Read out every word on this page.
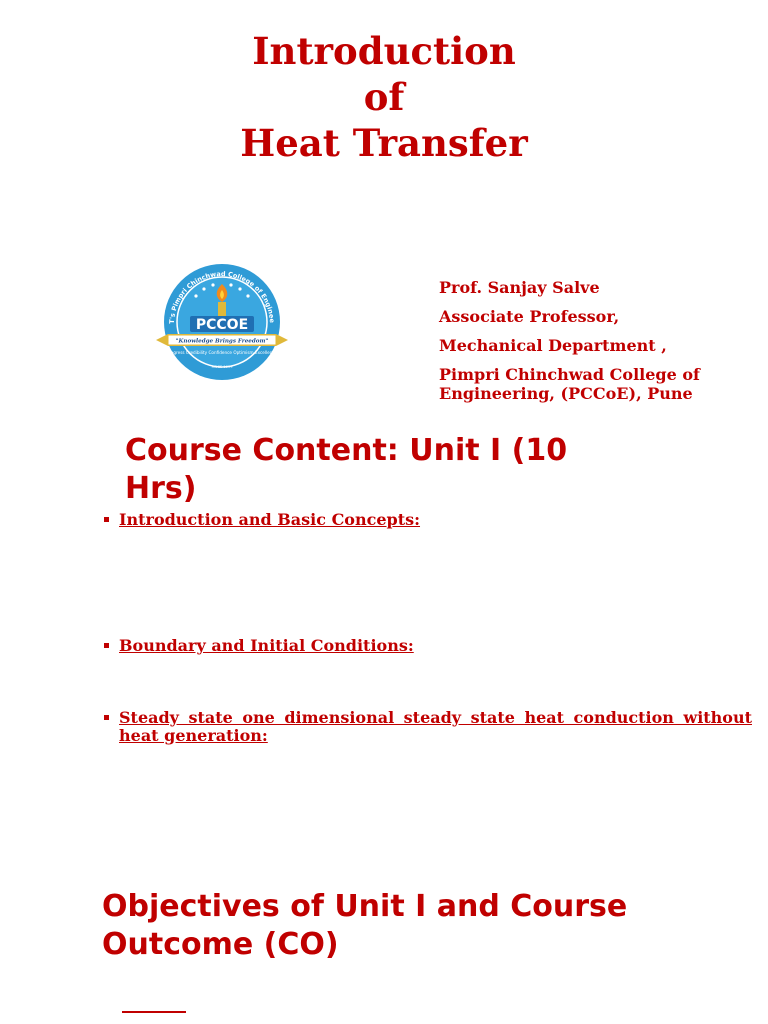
Introduction
of
Heat Transfer
T's Pimpri Chinchwad College of Enginee
PCCOE
"Knowledge Brings Freedom"
Progress Credibility Confidence Optimism Excellence
SINCE 1999
Prof. Sanjay Salve
Associate Professor,
Mechanical Department ,
Pimpri Chinchwad College of
Engineering, (PCCoE), Pune
Course Content: Unit I (10
Hrs)
Introduction and Basic Concepts:
Boundary and Initial Conditions:
Steady state one dimensional steady state heat conduction without heat generation:
Objectives of Unit I and Course
Outcome (CO)
